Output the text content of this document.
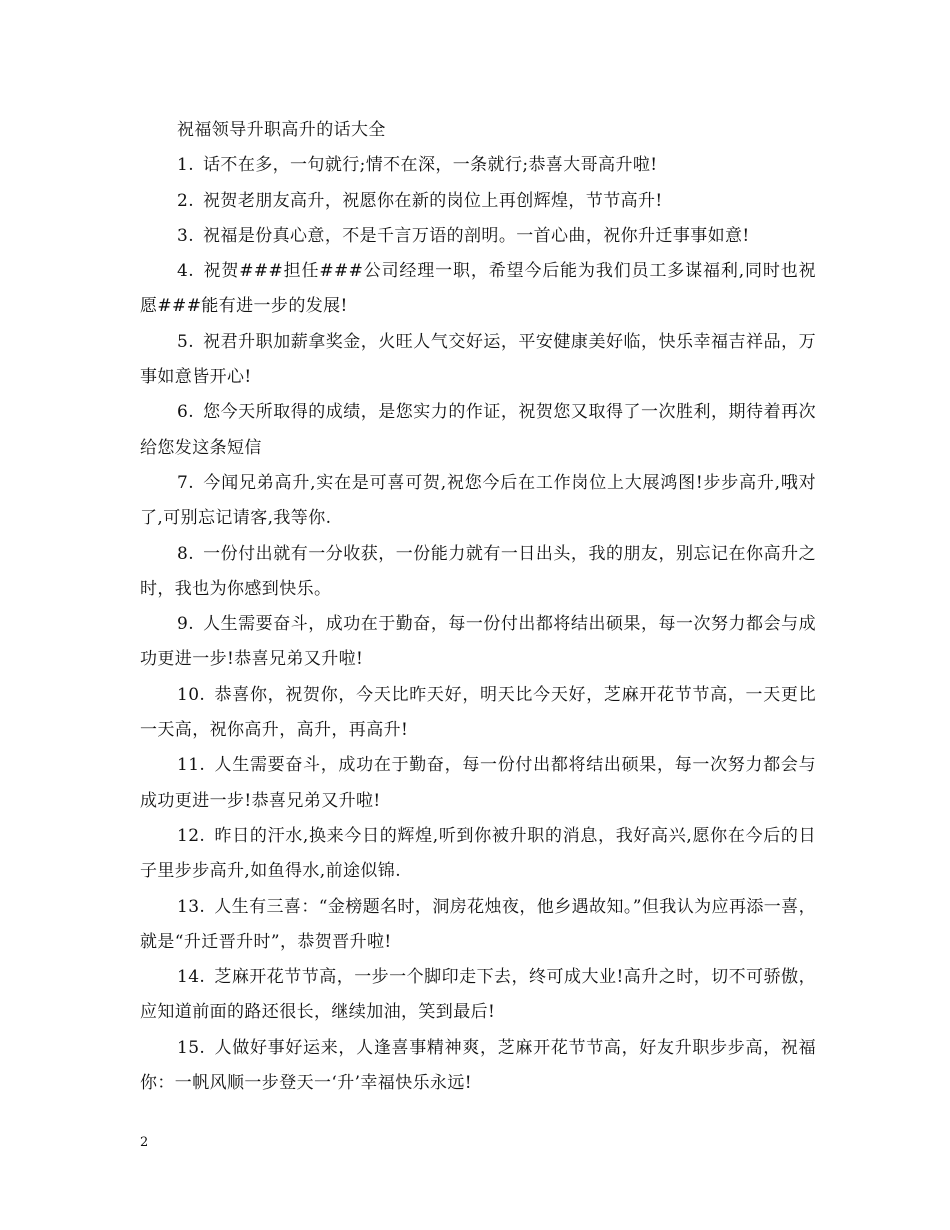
祝福领导升职高升的话大全

1. 话不在多，一句就行;情不在深，一条就行;恭喜大哥高升啦!

2. 祝贺老朋友高升，祝愿你在新的岗位上再创辉煌，节节高升!

3. 祝福是份真心意，不是千言万语的剖明。一首心曲，祝你升迁事事如意!

4. 祝贺###担任###公司经理一职，希望今后能为我们员工多谋福利,同时也祝愿###能有进一步的发展!

5. 祝君升职加薪拿奖金，火旺人气交好运，平安健康美好临，快乐幸福吉祥品，万事如意皆开心!

6. 您今天所取得的成绩，是您实力的作证，祝贺您又取得了一次胜利，期待着再次给您发这条短信

7. 今闻兄弟高升,实在是可喜可贺,祝您今后在工作岗位上大展鸿图!步步高升,哦对了,可别忘记请客,我等你.

8. 一份付出就有一分收获，一份能力就有一日出头，我的朋友，别忘记在你高升之时，我也为你感到快乐。

9. 人生需要奋斗，成功在于勤奋，每一份付出都将结出硕果，每一次努力都会与成功更进一步!恭喜兄弟又升啦!

10. 恭喜你，祝贺你，今天比昨天好，明天比今天好，芝麻开花节节高，一天更比一天高，祝你高升，高升，再高升!

11. 人生需要奋斗，成功在于勤奋，每一份付出都将结出硕果，每一次努力都会与成功更进一步!恭喜兄弟又升啦!

12. 昨日的汗水,换来今日的辉煌,听到你被升职的消息，我好高兴,愿你在今后的日子里步步高升,如鱼得水,前途似锦.

13. 人生有三喜：“金榜题名时，洞房花烛夜，他乡遇故知。”但我认为应再添一喜，就是“升迁晋升时”，恭贺晋升啦!

14. 芝麻开花节节高，一步一个脚印走下去，终可成大业!高升之时，切不可骄傲，应知道前面的路还很长，继续加油，笑到最后!

15. 人做好事好运来，人逢喜事精神爽，芝麻开花节节高，好友升职步步高，祝福你：一帆风顺一步登天一‘升’幸福快乐永远!

2
